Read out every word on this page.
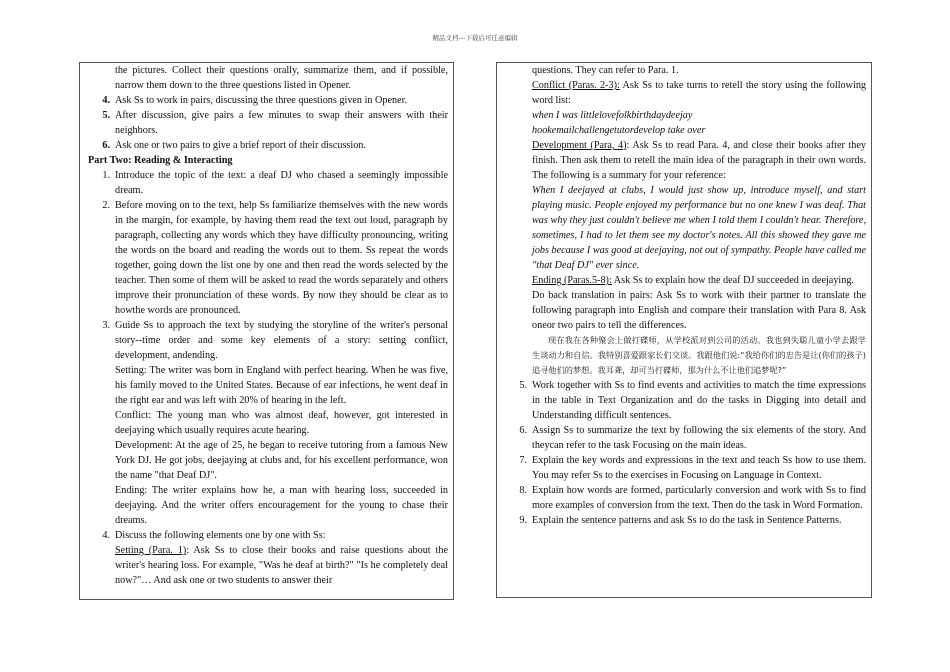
精品文档---下载后可任意编辑

the pictures. Collect their questions orally, summarize them, and if possible, narrow them down to the three questions listed in Opener.

4. Ask Ss to work in pairs, discussing the three questions given in Opener.
5. After discussion, give pairs a few minutes to swap their answers with their neighbors.
6. Ask one or two pairs to give a brief report of their discussion.

Part Two: Reading & Interacting

1. Introduce the topic of the text: a deaf DJ who chased a seemingly impossible dream.
2. Before moving on to the text, help Ss familiarize themselves with the new words in the margin, for example, by having them read the text out loud, paragraph by paragraph, collecting any words which they have difficulty pronouncing, writing the words on the board and reading the words out to them. Ss repeat the words together, going down the list one by one and then read the words selected by the teacher. Then some of them will be asked to read the words separately and others improve their pronunciation of these words. By now they should be clear as to howthe words are pronounced.
3. Guide Ss to approach the text by studying the storyline of the writer's personal story--time order and some key elements of a story: setting conflict, development, andending.

Setting: The writer was born in England with perfect hearing. When he was five, his family moved to the United States. Because of ear infections, he went deaf in the right ear and was left with 20% of hearing in the left.

Conflict: The young man who was almost deaf, however, got interested in deejaying which usually requires acute hearing.

Development: At the age of 25, he began to receive tutoring from a famous New York DJ. He got jobs, deejaying at clubs and, for his excellent performance, won the name "that Deaf DJ".

Ending: The writer explains how he, a man with hearing loss, succeeded in deejaying. And the writer offers encouragement for the young to chase their dreams.

4. Discuss the following elements one by one with Ss:

Setting (Para. 1): Ask Ss to close their books and raise questions about the writer's hearing loss. For example, "Was he deaf at birth?" "Is he completely deal now?"… And ask one or two students to answer their

questions. They can refer to Para. 1.

Conflict (Paras. 2-3): Ask Ss to take turns to retell the story using the following word list:

when I was littlelovefolkbirthdaydeejay

hookemailchallengetutordevelop take over

Development (Para, 4): Ask Ss to read Para. 4, and close their books after they finish. Then ask them to retell the main idea of the paragraph in their own words. The following is a summary for your reference:

When I deejayed at clubs, I would just show up, introduce myself, and start playing music. People enjoyed my performance but no one knew I was deaf. That was why they just couldn't believe me when I told them I couldn't hear. Therefore, sometimes, I had to let them see my doctor's notes. All this showed they gave me jobs because I was good at deejaying, not out of sympathy. People have called me "that Deaf DJ" ever since.

Ending (Paras.5-8): Ask Ss to explain how the deaf DJ succeeded in deejaying.

Do back translation in pairs: Ask Ss to work with their partner to translate the following paragraph into English and compare their translation with Para 8. Ask oneor two pairs to tell the differences.

现在我在各种聚会上做打碟师，从学校派对到公司的活动。我也到失聪儿童小学去跟学生谈动力和自信。我特别喜爱跟家长们交谈。我跟他们说:“我给你们的忠告是让(你们的孩子)追寻他们的梦想。我耳聋，却可当打碟师，那为什么不让他们追梦呢?”

5. Work together with Ss to find events and activities to match the time expressions in the table in Text Organization and do the tasks in Digging into detail and Understanding difficult sentences.
6. Assign Ss to summarize the text by following the six elements of the story. And theycan refer to the task Focusing on the main ideas.
7. Explain the key words and expressions in the text and teach Ss how to use them. You may refer Ss to the exercises in Focusing on Language in Context.
8. Explain how words are formed, particularly conversion and work with Ss to find more examples of conversion from the text. Then do the task in Word Formation.
9. Explain the sentence patterns and ask Ss to do the task in Sentence Patterns.
